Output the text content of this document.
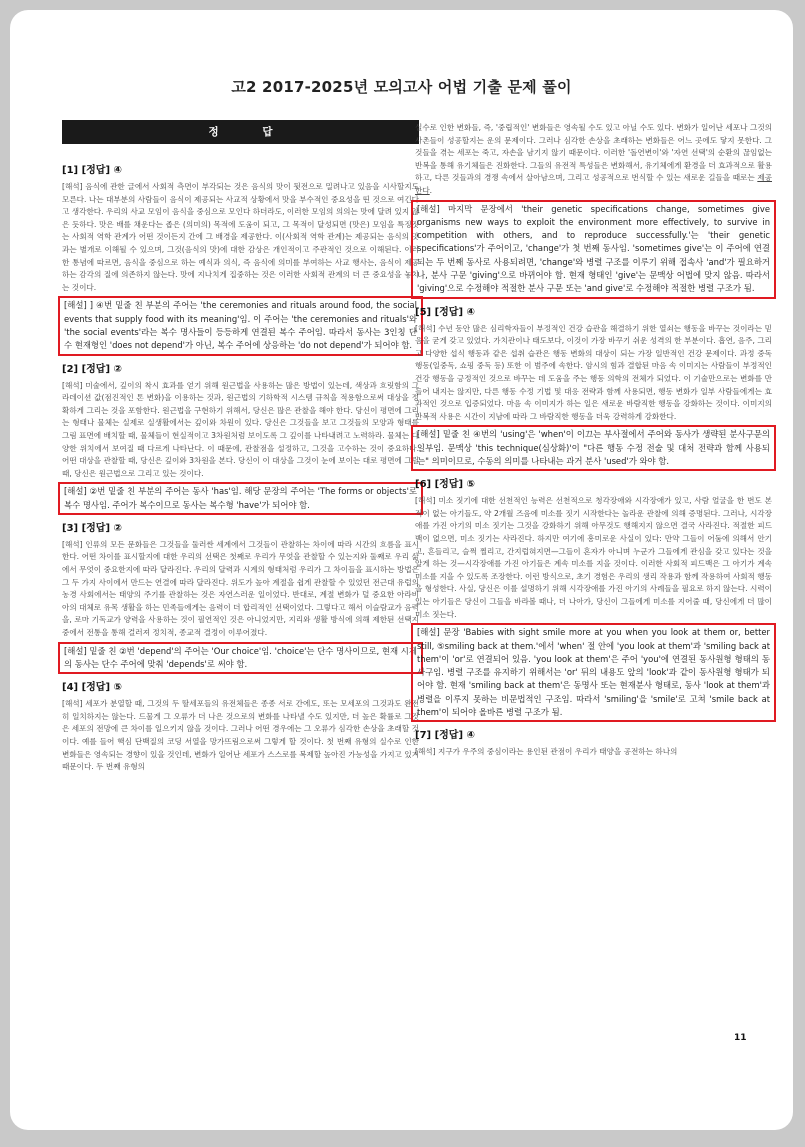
고2 2017-2025년 모의고사 어법 기출 문제 풀이
정 답
[1] [정답] ④

[해석] 음식에 관한 글에서 사회적 측면이 부각되는 것은 음식의 맛이 뒷전으로 밀려나고 있음을 시사할지도 모른다. 나는 대부분의 사람들이 음식이 제공되는 사교적 상황에서 맛을 부수적인 중요성을 띤 것으로 여긴다고 생각한다. 우리의 사교 모임이 음식을 중심으로 모인다 하더라도, 이러한 모임의 의의는 맛에 달려 있지 않은 듯하다. 맛은 배를 채운다는 좁은 (의미의) 목적에 도움이 되고, 그 목적이 달성되면 (맛은) 모임을 특징짓는 사회적 역학 관계가 어떤 것이든지 간에 그 배경을 제공한다. 이(사회적 역학 관계)는 제공되는 음식의 맛과는 별개로 이해될 수 있으며, 그것(음식의 맛)에 대한 감상은 개인적이고 주관적인 것으로 이해된다. 이러한 통념에 따르면, 음식을 중심으로 하는 예식과 의식, 즉 음식에 의미를 부여하는 사교 행사는, 음식이 제공하는 감각의 질에 의존하지 않는다. 맛에 지나치게 집중하는 것은 이러한 사회적 관계의 더 큰 중요성을 놓치는 것이다.

[해설] ] ④번 밑줄 친 부분의 주어는 'the ceremonies and rituals around food, the social events that supply food with its meaning'임. 이 주어는 'the ceremonies and rituals'와 'the social events'라는 복수 명사들이 등등하게 연결된 복수 주어임. 따라서 동사는 3인칭 단수 현재형인 'does not depend'가 아닌, 복수 주어에 상응하는 'do not depend'가 되어야 함.
[2] [정답] ②

[해석] 미술에서, 깊이의 착시 효과를 얻기 위해 원근법을 사용하는 많은 방법이 있는데, 색상과 흐릿함의 그라데이션 값(점진적인 톤 변화)을 이용하는 것과, 원근법의 기하학적 시스템 규칙을 적용함으로써 대상을 정확하게 그리는 것을 포함한다. 원근법을 구현하기 위해서, 당신은 많은 관찰을 해야 한다. 당신이 평면에 그리는 형태나 물체는 실제로 실생활에서는 깊이와 차원이 있다. 당신은 그것들을 보고 그것들의 모양과 형태를 그림 표면에 배치할 때, 물체들이 현실적이고 3차원처럼 보이도록 그 깊이를 나타내려고 노력하라. 물체는 다양한 위치에서 보여질 때 다르게 나타난다. 이 때문에, 관찰점을 설정하고, 그것을 고수하는 것이 중요하다. 어떤 대상을 관찰할 때, 당신은 깊이와 3차원을 본다. 당신이 이 대상을 그것이 눈에 보이는 대로 평면에 그릴 때, 당신은 원근법으로 그리고 있는 것이다.

[해설] ②번 밑줄 친 부분의 주어는 동사 'has'임. 해당 문장의 주어는 'The forms or objects'로 복수 명사임. 주어가 복수이므로 동사는 복수형 'have'가 되어야 함.
[3] [정답] ②

[해석] 인류의 모든 문화들은 그것들을 둘러싼 세계에서 그것들이 관찰하는 차이에 따라 시간의 흐름을 표시한다. 어떤 차이를 표시할지에 대한 우리의 선택은 첫째로 우리가 무엇을 관찰할 수 있는지와 둘째로 우리 삶에서 무엇이 중요한지에 따라 달라진다. 우리의 달력과 시계의 형태처럼 우리가 그 차이들을 표시하는 방법은 그 두 가지 사이에서 만드는 연결에 따라 달라진다. 위도가 높아 계절을 쉽게 관찰할 수 있었던 전근대 유럽의 농경 사회에서는 태양의 주기를 관찰하는 것은 자연스러운 일이었다. 반대로, 계절 변화가 덜 중요한 아라비아의 대체로 유목 생활을 하는 민족들에게는 음력이 더 합리적인 선택이었다. 그렇다고 해서 이슬람교가 음력을, 로마 기독교가 양력을 사용하는 것이 필연적인 것은 아니었지만, 지리와 생활 방식에 의해 제한된 선택지 중에서 전통을 통해 걸러져 정치적, 종교적 결정이 이루어졌다.

[해설] 밑줄 친 ②번 'depend'의 주어는 'Our choice'임. 'choice'는 단수 명사이므로, 현재 시제의 동사는 단수 주어에 맞춰 'depends'로 써야 함.
[4] [정답] ⑤

[해석] 세포가 분열할 때, 그것의 두 딸세포들의 유전체들은 종종 서로 간에도, 또는 모세포의 그것과도 완전히 일치하지는 않는다. 드물게 그 오류가 더 나은 것으로의 변화를 나타낼 수도 있지만, 더 높은 확률로 그것은 세포의 전망에 큰 차이를 일으키지 않을 것이다. 그러나 어떤 경우에는 그 오류가 심각한 손상을 초래할 것이다. 예를 들어 핵심 단백질의 코딩 서열을 망가뜨림으로써 그렇게 할 것이다. 첫 번째 유형의 실수로 인한 변화들은 영속되는 경향이 있을 것인데, 변화가 일어난 세포가 스스로를 복제할 높아진 가능성을 가지고 있기 때문이다. 두 번째 유형의

실수로 인한 변화들, 즉, '중립적인' 변화들은 영속될 수도 있고 아닐 수도 있다. 변화가 일어난 세포나 그것의 사촌들이 성공할지는 운의 문제이다. 그러나 심각한 손상을 초래하는 변화들은 어느 곳에도 닿지 못한다. 그것들을 겪는 세포는 죽고, 자손을 남기지 않기 때문이다. 이러한 '돌연변이'와 '자연 선택'의 순환의 끊임없는 반복을 통해 유기체들은 진화한다. 그들의 유전적 특성들은 변화해서, 유기체에게 환경을 더 효과적으로 활용하고, 다른 것들과의 경쟁 속에서 살아남으며, 그리고 성공적으로 번식할 수 있는 새로운 길들을 때로는 제공한다.

[해설] 마지막 문장에서 'their genetic specifications change, sometimes give organisms new ways to exploit the environment more effectively, to survive in competition with others, and to reproduce successfully.'는 'their genetic specifications'가 주어이고, 'change'가 첫 번째 동사임. 'sometimes give'는 이 주어에 연결되는 두 번째 동사로 사용되려면, 'change'와 병렬 구조를 이루기 위해 접속사 'and'가 필요하거나, 분사 구문 'giving'으로 바뀌어야 함. 현재 형태인 'give'는 문맥상 어법에 맞지 않음. 따라서 'giving'으로 수정해야 적절한 분사 구문 또는 'and give'로 수정해야 적절한 병렬 구조가 됨.
[5] [정답] ④

[해석] 수년 동안 많은 심리학자들이 부정적인 건강 습관을 해결하기 위한 열쇠는 행동을 바꾸는 것이라는 믿음을 굳게 갖고 있었다. 가치관이나 태도보다, 이것이 가장 바꾸기 쉬운 성격의 한 부분이다. 흡연, 음주, 그리고 다양한 섭식 행동과 같은 섭취 습관은 행동 변화의 대상이 되는 가장 일반적인 건강 문제이다. 과정 중독 행동(일중독, 쇼핑 중독 등) 또한 이 범주에 속한다. 암시의 힘과 결합된 마음 속 이미지는 사람들이 부정적인 건강 행동을 긍정적인 것으로 바꾸는 데 도움을 주는 행동 의학의 전체가 되었다. 이 기술만으로는 변화를 만들어 내지는 않지만, 다른 행동 수정 기법 및 대응 전략과 함께 사용되면, 행동 변화가 일부 사람들에게는 효과적인 것으로 입증되었다. 마음 속 이미지가 하는 일은 새로운 바람직한 행동을 강화하는 것이다. 이미지의 반복적 사용은 시간이 지남에 따라 그 바람직한 행동을 더욱 강력하게 강화한다.

[해설] 밑줄 친 ④번의 'using'은 'when'이 이끄는 부사절에서 주어와 동사가 생략된 분사구문의 일부임. 문맥상 'this technique(심상화)'이 "다른 행동 수정 전술 및 대처 전략과 함께 사용되는" 의미이므로, 수동의 의미를 나타내는 과거 분사 'used'가 와야 함.
[6] [정답] ⑤

[해석] 미소 짓기에 대한 선천적인 능력은 선천적으로 청각장애와 시각장애가 있고, 사람 얼굴을 한 번도 본 적이 없는 아기들도, 약 2개월 즈음에 미소를 짓기 시작한다는 놀라운 관찰에 의해 증명된다. 그러나, 시각장애를 가진 아기의 미소 짓기는 그것을 강화하기 위해 아무것도 행해지지 않으면 결국 사라진다. 적절한 피드백이 없으면, 미소 짓기는 사라진다. 하지만 여기에 흥미로운 사실이 있다: 만약 그들이 어둠에 의해서 안기고, 흔들리고, 슬쩍 찔리고, 간지럽혀지면—그들이 혼자가 아니며 누군가 그들에게 관심을 갖고 있다는 것을 알게 하는 것—시각장애를 가진 아기들은 계속 미소를 지을 것이다. 이러한 사회적 피드백은 그 아기가 계속 미소를 지을 수 있도록 조장한다. 이런 방식으로, 초기 경험은 우리의 생리 작용과 함께 작용하여 사회적 행동을 형성한다. 사실, 당신은 이를 설명하기 위해 시각장애를 가진 아기의 사례들을 필요로 하지 않는다. 시력이 있는 아기들은 당신이 그들을 바라볼 때나, 더 나아가, 당신이 그들에게 미소를 지어줄 때, 당신에게 더 많이 미소 짓는다.

[해설] 문장 'Babies with sight smile more at you when you look at them or, better still, ⑤smiling back at them.'에서 'when' 절 안에 'you look at them'과 'smiling back at them'이 'or'로 연결되어 있음. 'you look at them'은 주어 'you'에 연결된 동사원형 형태의 동사구임. 병렬 구조를 유지하기 위해서는 'or' 뒤의 내용도 앞의 'look'과 같이 동사원형 형태가 되어야 함. 현재 'smiling back at them'은 동명사 또는 현재분사 형태로, 동사 'look at them'과 병렬을 이루지 못하는 비문법적인 구조임. 따라서 'smiling'을 'smile'로 고쳐 'smile back at them'이 되어야 올바른 병렬 구조가 됨.
[7] [정답] ④

[해석] 지구가 우주의 중심이라는 용인된 관점이 우리가 태양을 공전하는 하나의

11
